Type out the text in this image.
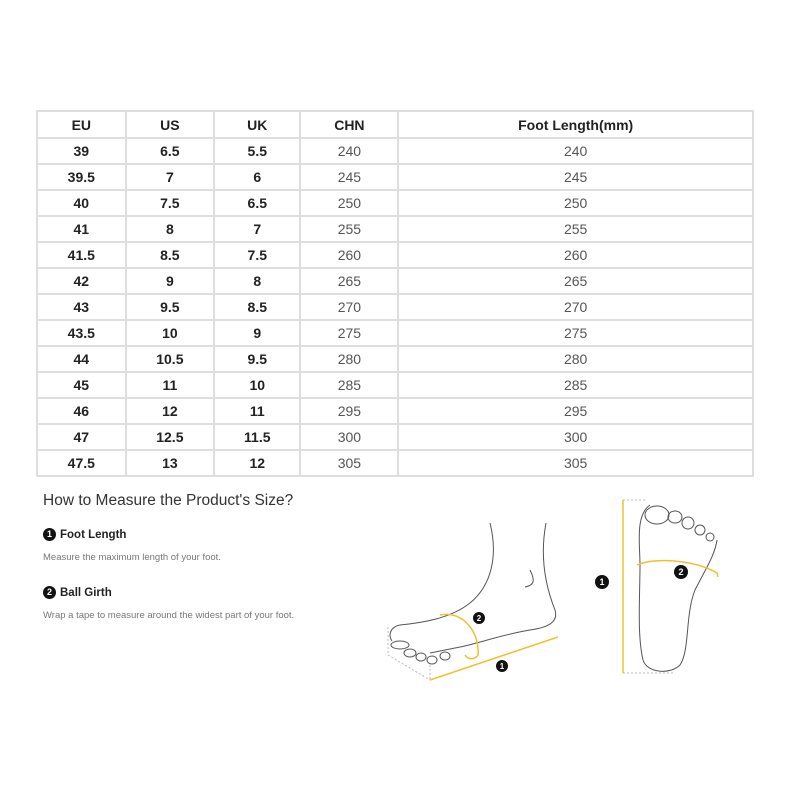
EU	US	UK	CHN	Foot Length(mm)
39	6.5	5.5	240	240
39.5	7	6	245	245
40	7.5	6.5	250	250
41	8	7	255	255
41.5	8.5	7.5	260	260
42	9	8	265	265
43	9.5	8.5	270	270
43.5	10	9	275	275
44	10.5	9.5	280	280
45	11	10	285	285
46	12	11	295	295
47	12.5	11.5	300	300
47.5	13	12	305	305
How to Measure the Product's Size?
1 Foot Length
Measure the maximum length of your foot.
2 Ball Girth
Wrap a tape to measure around the widest part of your foot.	2
1
2
1
